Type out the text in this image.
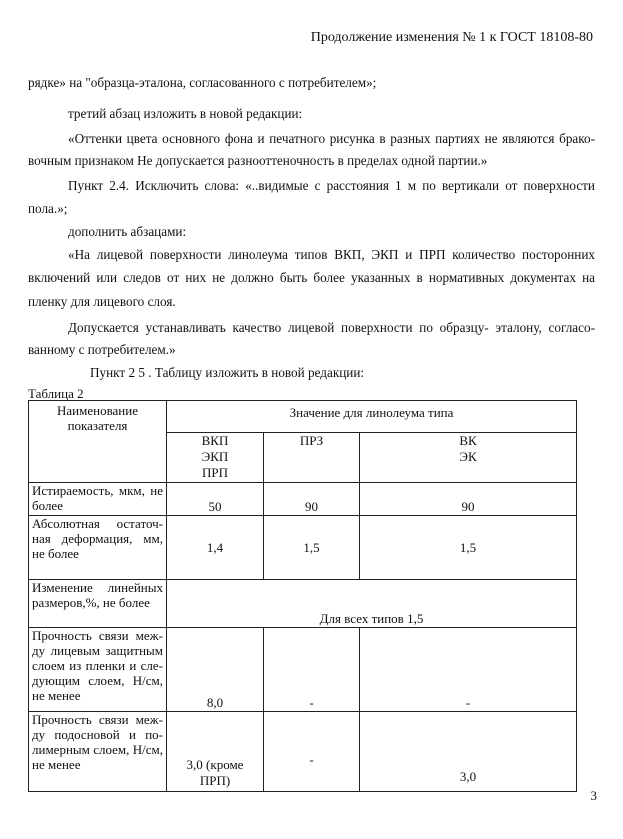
Продолжение изменения № 1 к ГОСТ 18108-80
рядке» на "образца-эталона, согласованного с потребителем»;
третий абзац изложить в новой редакции:
«Оттенки цвета основного фона и печатного рисунка в разных партиях не являются брако-
вочным признаком Не допускается разнооттеночность в пределах одной партии.»
Пункт 2.4. Исключить слова: «..видимые с расстояния 1 м по вертикали от поверхности
пола.»;
дополнить абзацами:
«На лицевой поверхности линолеума типов ВКП, ЭКП и ПРП количество посторонних
включений или следов от них не должно быть более указанных в нормативных документах на
пленку для лицевого слоя.
Допускается устанавливать качество лицевой поверхности по образцу- эталону, согласо-
ванному с потребителем.»
Пункт 2 5 . Таблицу изложить в новой редакции:
Таблица 2
Наименование показателя	Значение для линолеума типа		
	ВКП ЭКП ПРП	ПРЗ	ВК ЭК
Истираемость, мкм, не более	50	90	90
Абсолютная остаточ-ная деформация, мм, не более	1,4	1,5	1,5
Изменение линейных размеров,%, не более	Для всех типов 1,5		
Прочность связи меж-ду лицевым защитным слоем из пленки и сле-дующим слоем, Н/см, не менее	8,0	-	-
Прочность связи меж-ду подосновой и по-лимерным слоем, Н/см, не менее	3,0 (кроме ПРП)	-	3,0
3
